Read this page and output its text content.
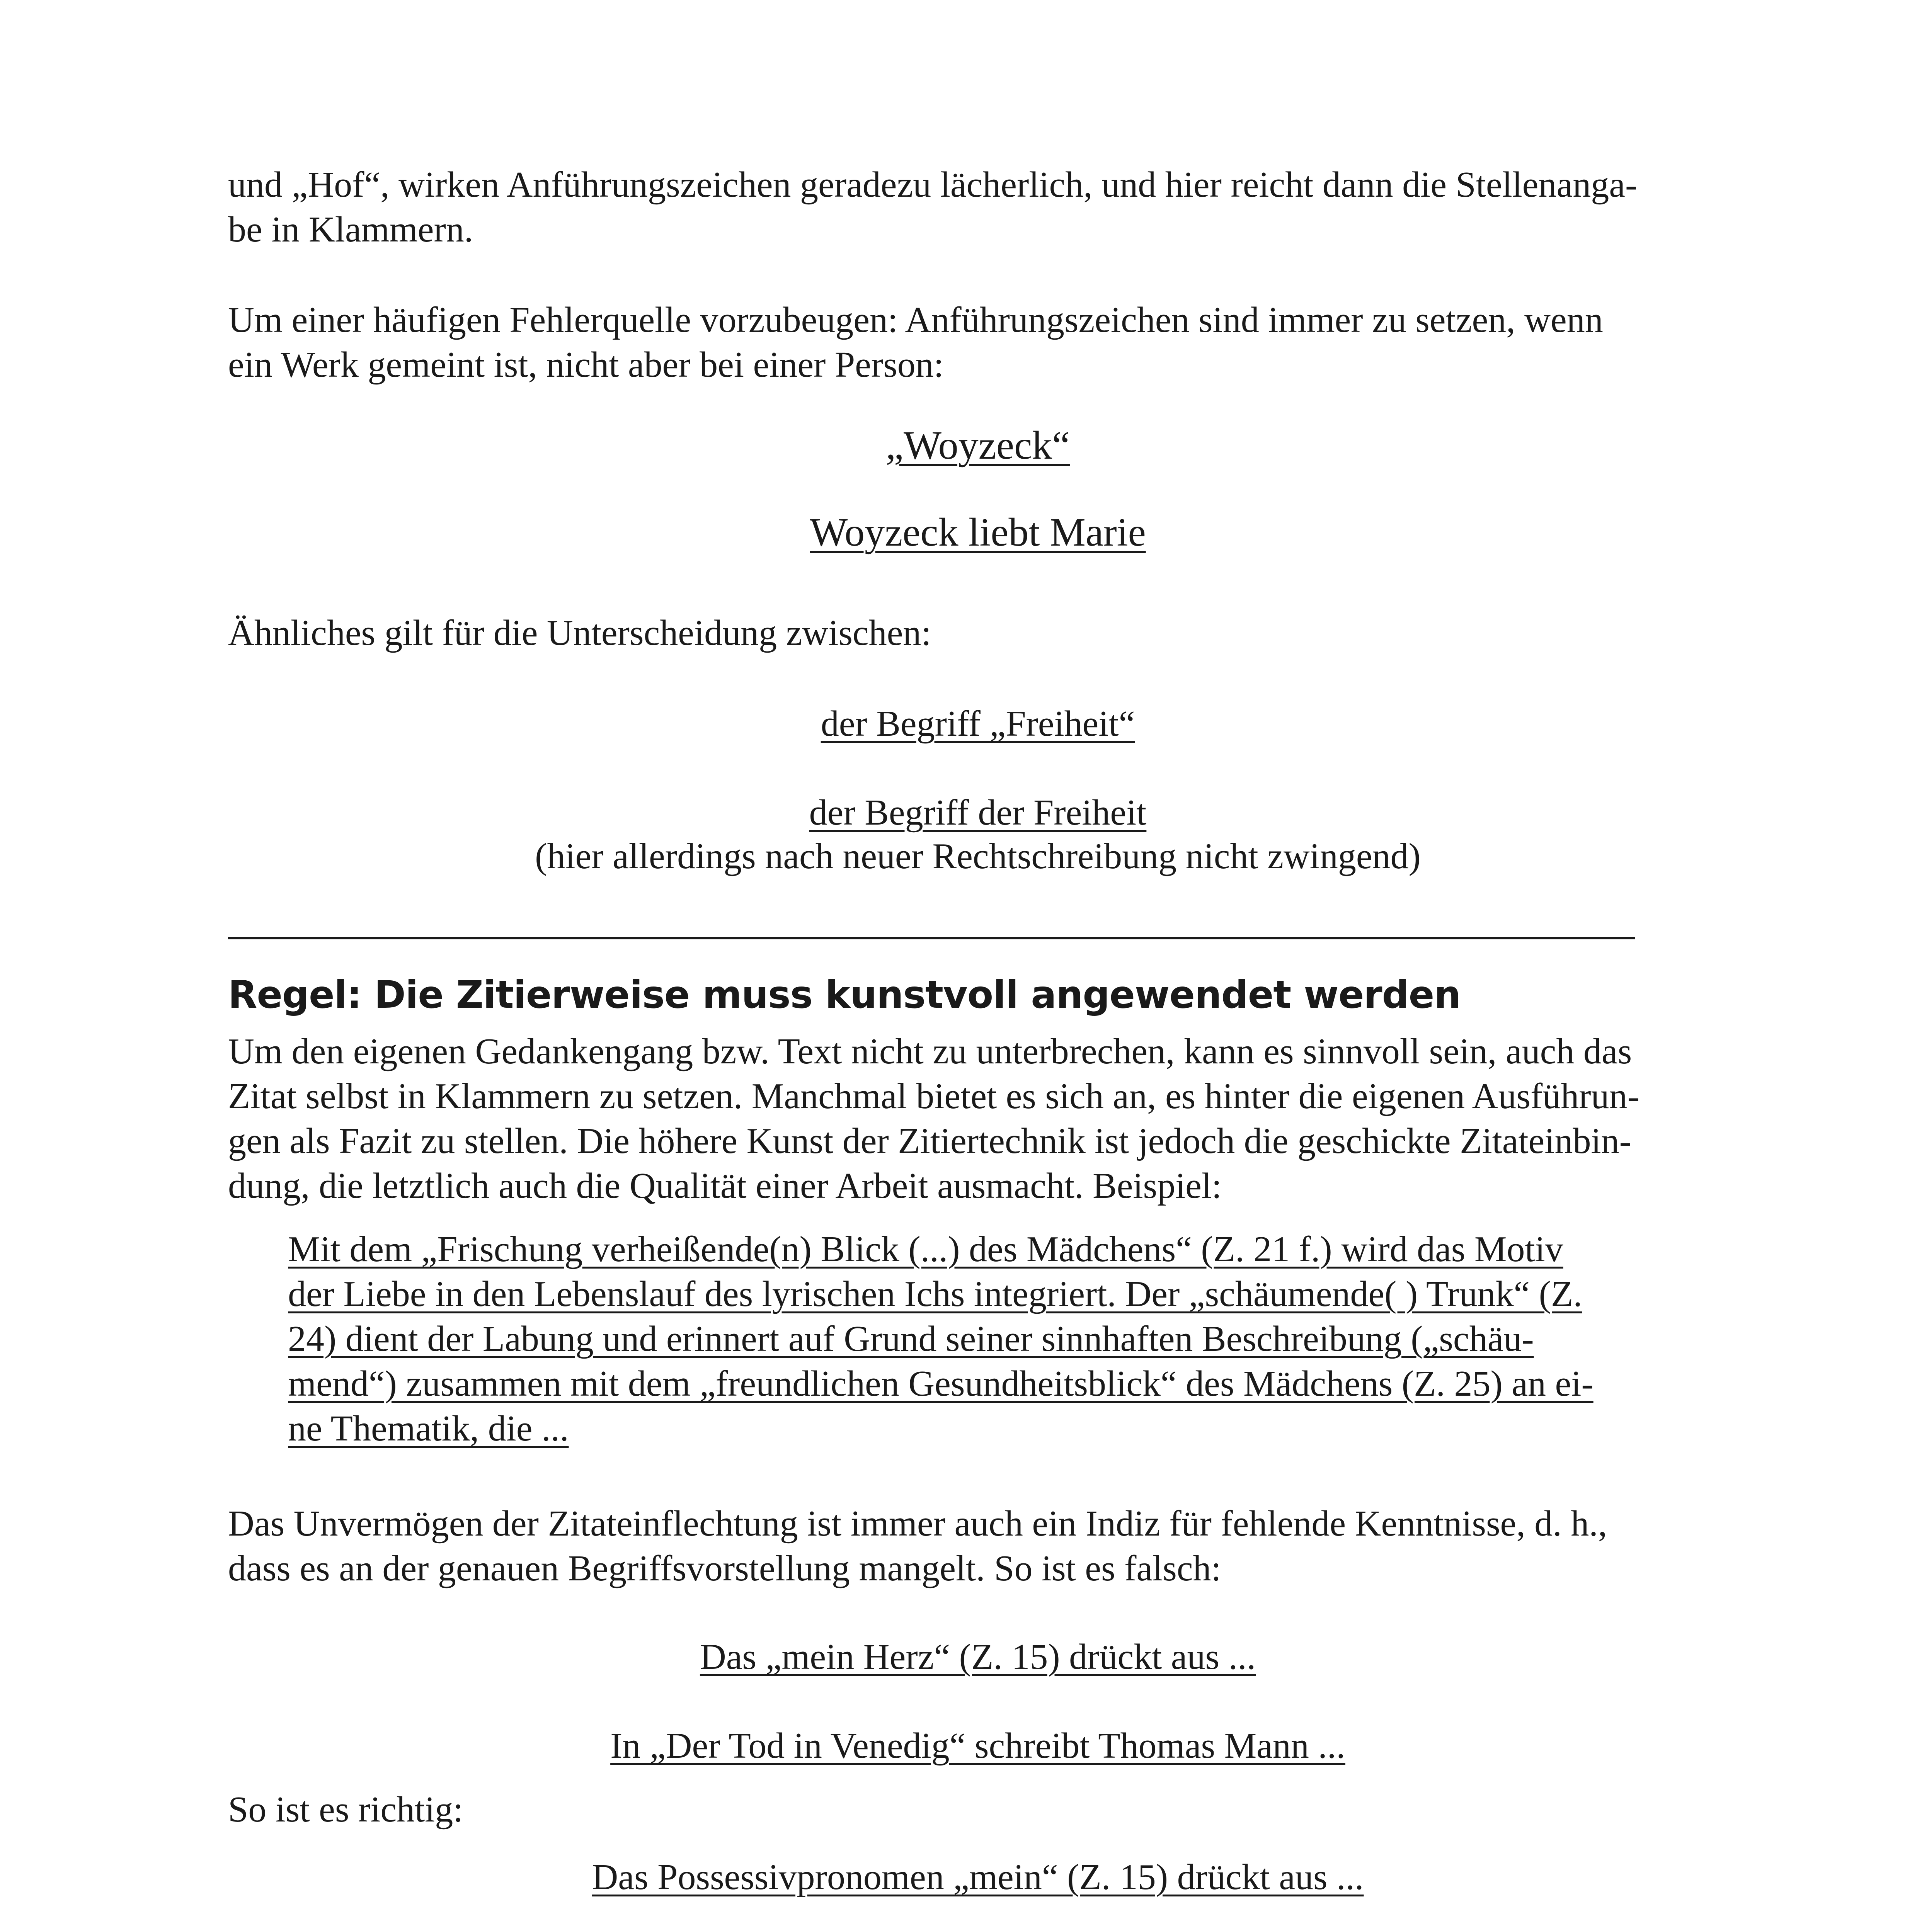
und „Hof“, wirken Anführungszeichen geradezu lächerlich, und hier reicht dann die Stellenanga-
be in Klammern.

Um einer häufigen Fehlerquelle vorzubeugen: Anführungszeichen sind immer zu setzen, wenn
ein Werk gemeint ist, nicht aber bei einer Person:

„Woyzeck“
Woyzeck liebt Marie

Ähnliches gilt für die Unterscheidung zwischen:

der Begriff „Freiheit“
der Begriff der Freiheit
(hier allerdings nach neuer Rechtschreibung nicht zwingend)
Regel: Die Zitierweise muss kunstvoll angewendet werden

Um den eigenen Gedankengang bzw. Text nicht zu unterbrechen, kann es sinnvoll sein, auch das
Zitat selbst in Klammern zu setzen. Manchmal bietet es sich an, es hinter die eigenen Ausführun-
gen als Fazit zu stellen. Die höhere Kunst der Zitiertechnik ist jedoch die geschickte Zitateinbin-
dung, die letztlich auch die Qualität einer Arbeit ausmacht. Beispiel:

Mit dem „Frischung verheißende(n) Blick (...) des Mädchens“ (Z. 21 f.) wird das Motiv
der Liebe in den Lebenslauf des lyrischen Ichs integriert. Der „schäumende( ) Trunk“ (Z.
24) dient der Labung und erinnert auf Grund seiner sinnhaften Beschreibung („schäu-
mend“) zusammen mit dem „freundlichen Gesundheitsblick“ des Mädchens (Z. 25) an ei-
ne Thematik, die ...

Das Unvermögen der Zitateinflechtung ist immer auch ein Indiz für fehlende Kenntnisse, d. h.,
dass es an der genauen Begriffsvorstellung mangelt. So ist es falsch:

Das „mein Herz“ (Z. 15) drückt aus ...
In „Der Tod in Venedig“ schreibt Thomas Mann ...
So ist es richtig:
Das Possessivpronomen „mein“ (Z. 15) drückt aus ...
